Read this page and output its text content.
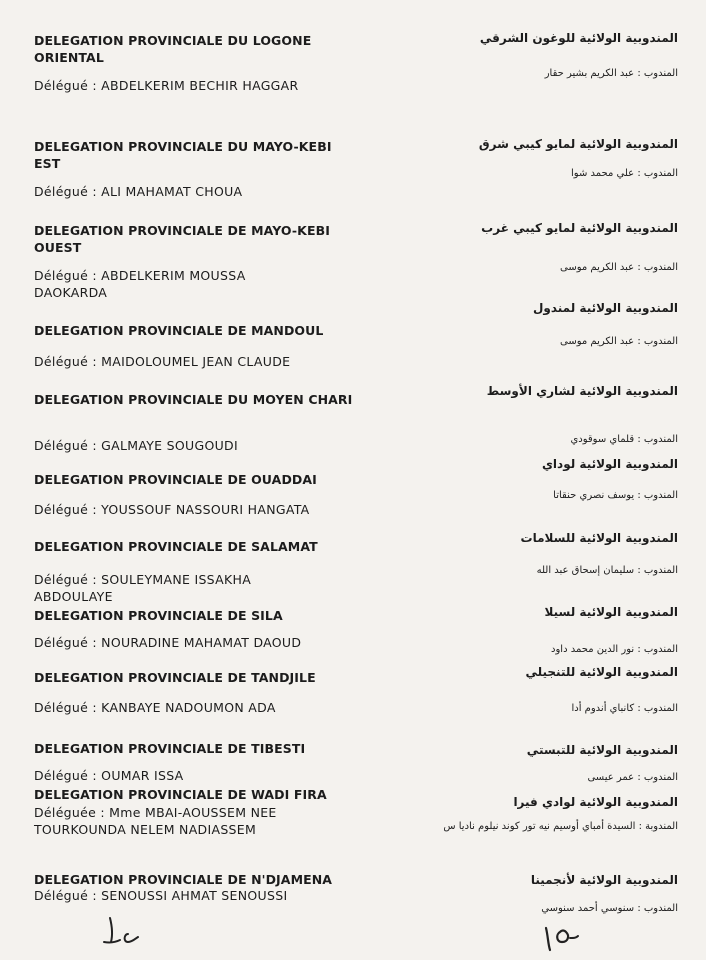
DELEGATION PROVINCIALE DU LOGONE ORIENTAL
Délégué : ABDELKERIM BECHIR HAGGAR
المندوبية الولائية للوغون الشرقي
المندوب : عبد الكريم بشير حقار
DELEGATION PROVINCIALE DU MAYO-KEBI EST
Délégué : ALI MAHAMAT CHOUA
المندوبية الولائية لمايو كيبي شرق
المندوب : علي محمد شوا
DELEGATION PROVINCIALE DE MAYO-KEBI OUEST
Délégué : ABDELKERIM MOUSSA DAOKARDA
المندوبية الولائية لمايو كيبي غرب
المندوب : عبد الكريم موسى
DELEGATION PROVINCIALE DE MANDOUL
Délégué : MAIDOLOUMEL JEAN CLAUDE
المندوبية الولائية لمندول
المندوب : عبد الكريم موسى
DELEGATION PROVINCIALE DU MOYEN CHARI
Délégué : GALMAYE SOUGOUDI
المندوبية الولائية لشاري الأوسط
المندوب : قلماي سوقودي
DELEGATION PROVINCIALE DE OUADDAI
Délégué : YOUSSOUF NASSOURI HANGATA
المندوبية الولائية لوداي
المندوب : يوسف نصري حنقاتا
DELEGATION PROVINCIALE DE SALAMAT
Délégué : SOULEYMANE ISSAKHA ABDOULAYE
المندوبية الولائية للسلامات
المندوب : سليمان إسحاق عبد الله
DELEGATION PROVINCIALE DE SILA
Délégué : NOURADINE MAHAMAT DAOUD
المندوبية الولائية لسيلا
المندوب : نور الدين محمد داود
DELEGATION PROVINCIALE DE TANDJILE
Délégué : KANBAYE NADOUMON ADA
المندوبية الولائية للتنجيلي
المندوب : كانباي أندوم أدا
DELEGATION PROVINCIALE DE TIBESTI
Délégué : OUMAR ISSA
المندوبية الولائية للتبستي
المندوب : عمر عيسى
DELEGATION PROVINCIALE DE WADI FIRA
Déléguée : Mme MBAI-AOUSSEM NEE TOURKOUNDA NELEM NADIASSEM
المندوبية الولائية لوادي فيرا
المندوبة : السيدة أمباي أوسيم نيه تور كوند نيلوم ناديا س
DELEGATION PROVINCIALE DE N'DJAMENA
Délégué : SENOUSSI AHMAT SENOUSSI
المندوبية الولائية لأنجمينا
المندوب : سنوسي أحمد سنوسي
